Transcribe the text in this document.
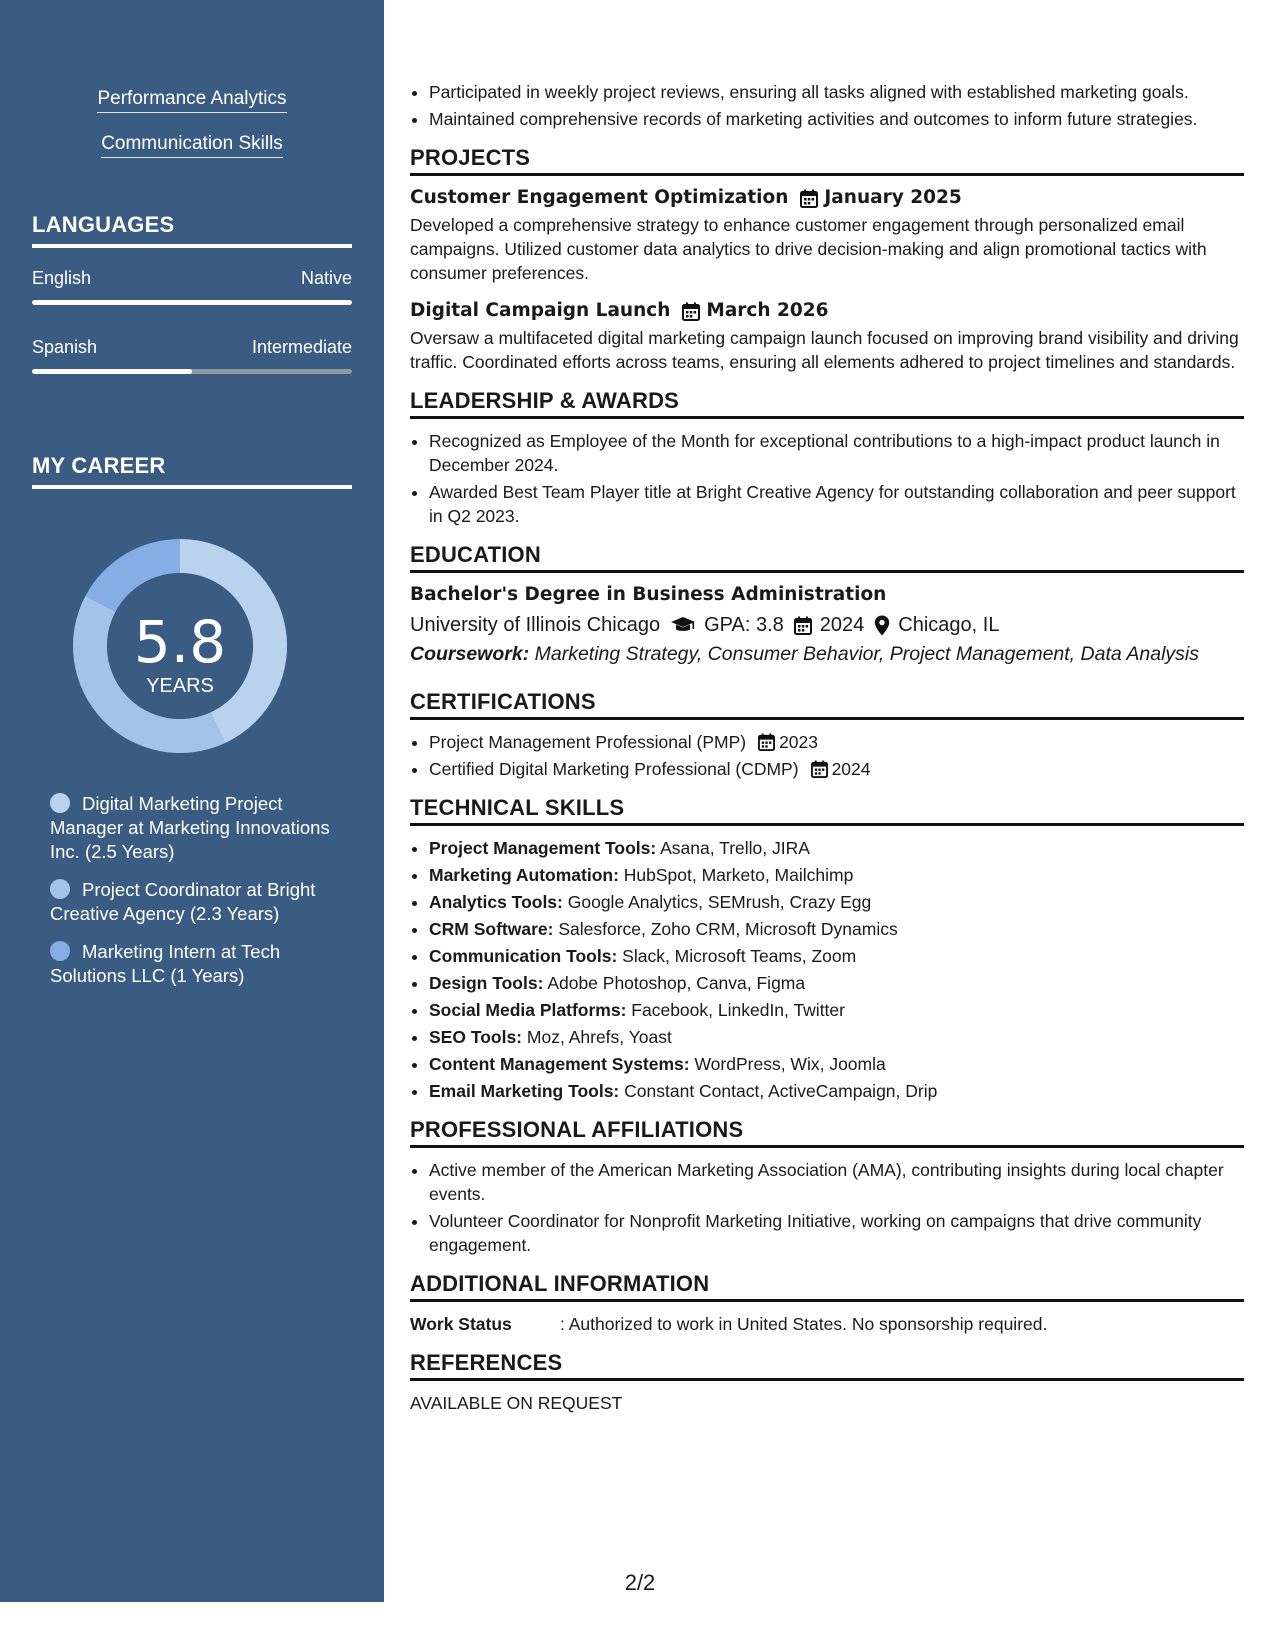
Performance Analytics
Communication Skills
LANGUAGES
English	Native
Spanish	Intermediate
MY CAREER
5.8
YEARS
Digital Marketing Project Manager at Marketing Innovations Inc. (2.5 Years)
Project Coordinator at Bright Creative Agency (2.3 Years)
Marketing Intern at Tech Solutions LLC (1 Years)
• Participated in weekly project reviews, ensuring all tasks aligned with established marketing goals.
• Maintained comprehensive records of marketing activities and outcomes to inform future strategies.
PROJECTS
Customer Engagement Optimization January 2025

Developed a comprehensive strategy to enhance customer engagement through personalized email campaigns. Utilized customer data analytics to drive decision-making and align promotional tactics with consumer preferences.

Digital Campaign Launch March 2026

Oversaw a multifaceted digital marketing campaign launch focused on improving brand visibility and driving traffic. Coordinated efforts across teams, ensuring all elements adhered to project timelines and standards.

LEADERSHIP & AWARDS
• Recognized as Employee of the Month for exceptional contributions to a high-impact product launch in December 2024.
• Awarded Best Team Player title at Bright Creative Agency for outstanding collaboration and peer support in Q2 2023.
EDUCATION
Bachelor's Degree in Business Administration
University of Illinois Chicago GPA: 3.8 2024 Chicago, IL
Coursework: Marketing Strategy, Consumer Behavior, Project Management, Data Analysis
CERTIFICATIONS
• Project Management Professional (PMP) 2023
• Certified Digital Marketing Professional (CDMP) 2024
TECHNICAL SKILLS
• Project Management Tools: Asana, Trello, JIRA
• Marketing Automation: HubSpot, Marketo, Mailchimp
• Analytics Tools: Google Analytics, SEMrush, Crazy Egg
• CRM Software: Salesforce, Zoho CRM, Microsoft Dynamics
• Communication Tools: Slack, Microsoft Teams, Zoom
• Design Tools: Adobe Photoshop, Canva, Figma
• Social Media Platforms: Facebook, LinkedIn, Twitter
• SEO Tools: Moz, Ahrefs, Yoast
• Content Management Systems: WordPress, Wix, Joomla
• Email Marketing Tools: Constant Contact, ActiveCampaign, Drip
PROFESSIONAL AFFILIATIONS
• Active member of the American Marketing Association (AMA), contributing insights during local chapter events.
• Volunteer Coordinator for Nonprofit Marketing Initiative, working on campaigns that drive community engagement.
ADDITIONAL INFORMATION
Work Status	: Authorized to work in United States. No sponsorship required.
REFERENCES
AVAILABLE ON REQUEST
2/2
